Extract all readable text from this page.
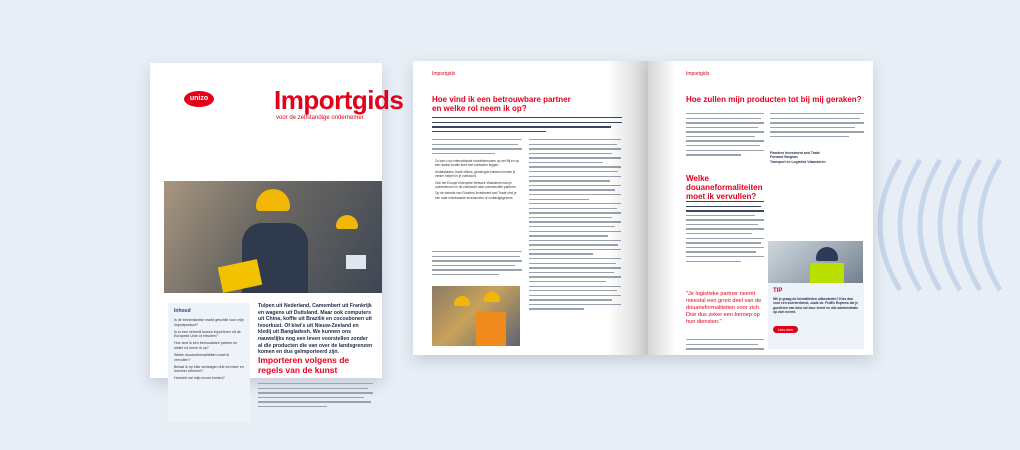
unizo	Importgids
voor de zelfstandige ondernemer
Inhoud
Is de binnenlandse markt geschikt voor mijn importproduct?
Is er een verschil tussen importeren uit de Europese Unie of erbuiten?
Hoe vind ik een betrouwbare partner en welke rol neem ik op?
Welke douaneformaliteiten moet ik vervullen?
Betaal ik op elke verdragen drie tot meer en hoeveer rekenen?
Hoeveel zal mijn invoer kosten?
Tulpen uit Nederland, Camembert uit Frankrijk en wagens uit Duitsland. Maar ook computers uit China, koffie uit Brazilië en cocosbonen uit Ivoorkust. Of kiwi's uit Nieuw-Zeeland en kledij uit Bangladesh. We kunnen ons nauwelijks nog een leven voorstellen zonder al die producten die van over de landsgrenzen komen en dus geïmporteerd zijn.
Importeren volgens de regels van de kunst
Importgids
Hoe vind ik een betrouwbare partner en welke rol neem ik op?
Zo kan u uw internationale handelsbeurzen op het Bij en op een aantal locatie kunt met contacten leggen.
Ambassades, trade offices, gemengde kamers kunnen je verder helpen in je zoektocht.
Ook het Europe Enterprise Network Vlaanderen kan je ondersteunen in de zoektocht naar commerciële partners.
Op de website van Flanders Investment and Trade vind je een naar interessante leveranciers of contactgegevens.
Importgids
Hoe zullen mijn producten tot bij mij geraken?
Flanders Investment and Trade
Forward Belgium
Transport en Logistiek Vlaanderen
Welke douaneformaliteiten moet ik vervullen?
"Je logistieke partner neemt meestal een groot deel van de douaneformaliteiten voor zich. Doe dus zeker een beroep op hun diensten."
TIP
Wil je graag de formaliteiten uitbesteden? Kies dan voor een koerierdienst, zoals vb. FedEx Express die je goederen van deur tot deur levert en alle administratie op zich neemt.
Lees meer
